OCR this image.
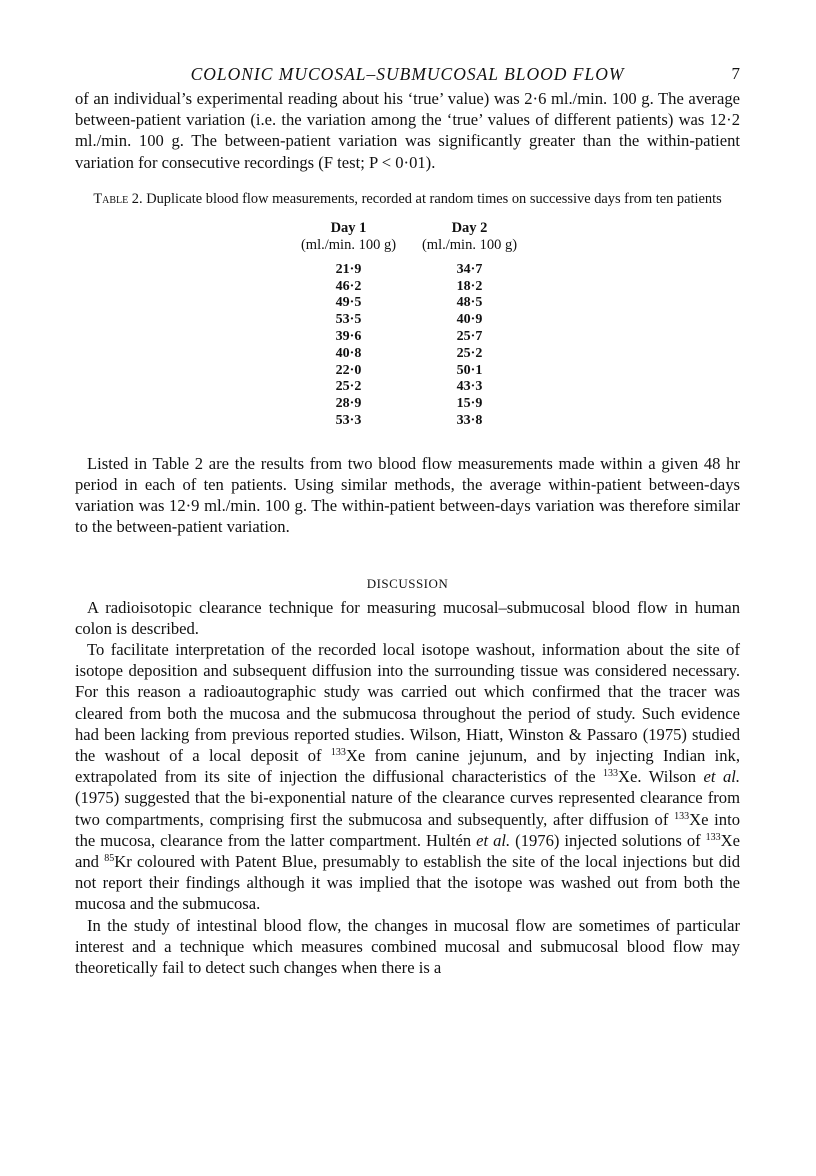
COLONIC MUCOSAL–SUBMUCOSAL BLOOD FLOW	7

of an individual’s experimental reading about his ‘true’ value) was 2·6 ml./min. 100 g. The average between-patient variation (i.e. the variation among the ‘true’ values of different patients) was 12·2 ml./min. 100 g. The between-patient variation was significantly greater than the within-patient variation for consecutive recordings (F test; P < 0·01).

Table 2. Duplicate blood flow measurements, recorded at random times on successive days from ten patients
Day 1	Day 2
(ml./min. 100 g)	(ml./min. 100 g)
21·9	34·7
46·2	18·2
49·5	48·5
53·5	40·9
39·6	25·7
40·8	25·2
22·0	50·1
25·2	43·3
28·9	15·9
53·3	33·8

Listed in Table 2 are the results from two blood flow measurements made within a given 48 hr period in each of ten patients. Using similar methods, the average within-patient between-days variation was 12·9 ml./min. 100 g. The within-patient between-days variation was therefore similar to the between-patient variation.

DISCUSSION

A radioisotopic clearance technique for measuring mucosal–submucosal blood flow in human colon is described.

To facilitate interpretation of the recorded local isotope washout, information about the site of isotope deposition and subsequent diffusion into the surrounding tissue was considered necessary. For this reason a radioautographic study was carried out which confirmed that the tracer was cleared from both the mucosa and the submucosa throughout the period of study. Such evidence had been lacking from previous reported studies. Wilson, Hiatt, Winston & Passaro (1975) studied the washout of a local deposit of $^{133}$Xe from canine jejunum, and by injecting Indian ink, extrapolated from its site of injection the diffusional characteristics of the $^{133}$Xe. Wilson et al. (1975) suggested that the bi-exponential nature of the clearance curves represented clearance from two compartments, comprising first the submucosa and subsequently, after diffusion of $^{133}$Xe into the mucosa, clearance from the latter compartment. Hultén et al. (1976) injected solutions of $^{133}$Xe and $^{85}$Kr coloured with Patent Blue, presumably to establish the site of the local injections but did not report their findings although it was implied that the isotope was washed out from both the mucosa and the submucosa.

In the study of intestinal blood flow, the changes in mucosal flow are sometimes of particular interest and a technique which measures combined mucosal and submucosal blood flow may theoretically fail to detect such changes when there is a
